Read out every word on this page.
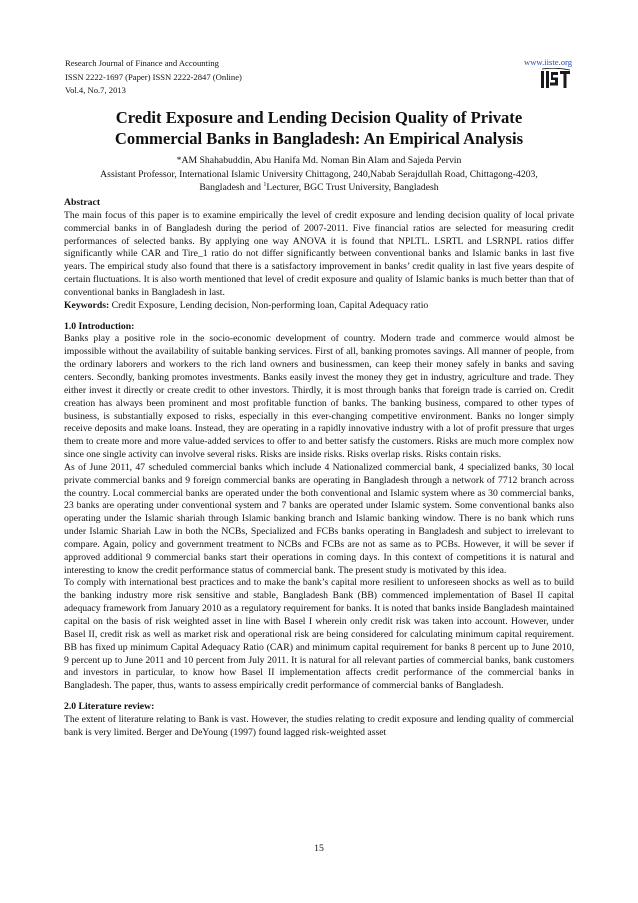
Research Journal of Finance and Accounting
ISSN 2222-1697 (Paper) ISSN 2222-2847 (Online)
Vol.4, No.7, 2013
www.iiste.org
Credit Exposure and Lending Decision Quality of Private
Commercial Banks in Bangladesh: An Empirical Analysis
*AM Shahabuddin, Abu Hanifa Md. Noman Bin Alam and Sajeda Pervin
Assistant Professor, International Islamic University Chittagong, 240,Nabab Serajdullah Road, Chittagong-4203,
Bangladesh and $^1$Lecturer, BGC Trust University, Bangladesh

Abstract

The main focus of this paper is to examine empirically the level of credit exposure and lending decision quality of local private commercial banks in of Bangladesh during the period of 2007-2011. Five financial ratios are selected for measuring credit performances of selected banks. By applying one way ANOVA it is found that NPLTL. LSRTL and LSRNPL ratios differ significantly while CAR and Tire_1 ratio do not differ significantly between conventional banks and Islamic banks in last five years. The empirical study also found that there is a satisfactory improvement in banks’ credit quality in last five years despite of certain fluctuations. It is also worth mentioned that level of credit exposure and quality of Islamic banks is much better than that of conventional banks in Bangladesh in last.

Keywords: Credit Exposure, Lending decision, Non-performing loan, Capital Adequacy ratio

1.0 Introduction:

Banks play a positive role in the socio-economic development of country. Modern trade and commerce would almost be impossible without the availability of suitable banking services. First of all, banking promotes savings. All manner of people, from the ordinary laborers and workers to the rich land owners and businessmen, can keep their money safely in banks and saving centers. Secondly, banking promotes investments. Banks easily invest the money they get in industry, agriculture and trade. They either invest it directly or create credit to other investors. Thirdly, it is most through banks that foreign trade is carried on. Credit creation has always been prominent and most profitable function of banks. The banking business, compared to other types of business, is substantially exposed to risks, especially in this ever-changing competitive environment. Banks no longer simply receive deposits and make loans. Instead, they are operating in a rapidly innovative industry with a lot of profit pressure that urges them to create more and more value-added services to offer to and better satisfy the customers. Risks are much more complex now since one single activity can involve several risks. Risks are inside risks. Risks overlap risks. Risks contain risks.

As of June 2011, 47 scheduled commercial banks which include 4 Nationalized commercial bank, 4 specialized banks, 30 local private commercial banks and 9 foreign commercial banks are operating in Bangladesh through a network of 7712 branch across the country. Local commercial banks are operated under the both conventional and Islamic system where as 30 commercial banks, 23 banks are operating under conventional system and 7 banks are operated under Islamic system. Some conventional banks also operating under the Islamic shariah through Islamic banking branch and Islamic banking window. There is no bank which runs under Islamic Shariah Law in both the NCBs, Specialized and FCBs banks operating in Bangladesh and subject to irrelevant to compare. Again, policy and government treatment to NCBs and FCBs are not as same as to PCBs. However, it will be sever if approved additional 9 commercial banks start their operations in coming days. In this context of competitions it is natural and interesting to know the credit performance status of commercial bank. The present study is motivated by this idea.

To comply with international best practices and to make the bank’s capital more resilient to unforeseen shocks as well as to build the banking industry more risk sensitive and stable, Bangladesh Bank (BB) commenced implementation of Basel II capital adequacy framework from January 2010 as a regulatory requirement for banks. It is noted that banks inside Bangladesh maintained capital on the basis of risk weighted asset in line with Basel I wherein only credit risk was taken into account. However, under Basel II, credit risk as well as market risk and operational risk are being considered for calculating minimum capital requirement. BB has fixed up minimum Capital Adequacy Ratio (CAR) and minimum capital requirement for banks 8 percent up to June 2010, 9 percent up to June 2011 and 10 percent from July 2011. It is natural for all relevant parties of commercial banks, bank customers and investors in particular, to know how Basel II implementation affects credit performance of the commercial banks in Bangladesh. The paper, thus, wants to assess empirically credit performance of commercial banks of Bangladesh.

2.0 Literature review:

The extent of literature relating to Bank is vast. However, the studies relating to credit exposure and lending quality of commercial bank is very limited. Berger and DeYoung (1997) found lagged risk-weighted asset

15
